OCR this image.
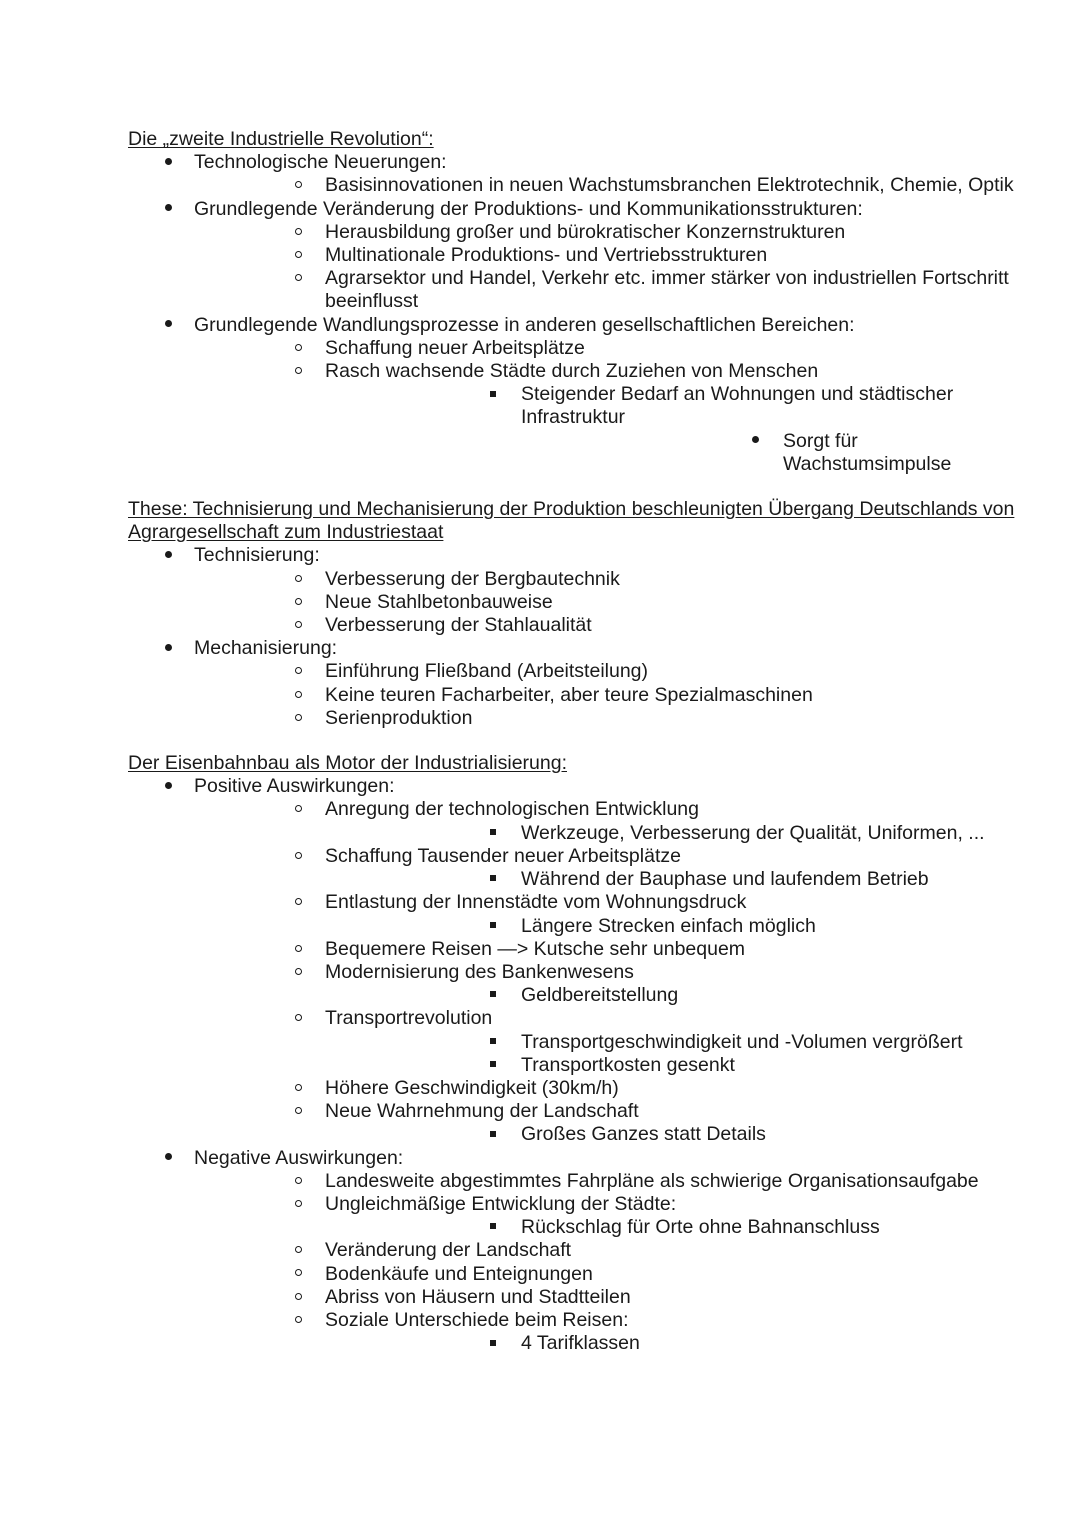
Die „zweite Industrielle Revolution“:

Technologische Neuerungen:
Basisinnovationen in neuen Wachstumsbranchen Elektrotechnik, Chemie, Optik
Grundlegende Veränderung der Produktions- und Kommunikationsstrukturen:
Herausbildung großer und bürokratischer Konzernstrukturen
Multinationale Produktions- und Vertriebsstrukturen
Agrarsektor und Handel, Verkehr etc. immer stärker von industriellen Fortschritt beeinflusst
Grundlegende Wandlungsprozesse in anderen gesellschaftlichen Bereichen:
Schaffung neuer Arbeitsplätze
Rasch wachsende Städte durch Zuziehen von Menschen
Steigender Bedarf an Wohnungen und städtischer Infrastruktur
Sorgt für Wachstumsimpulse

These: Technisierung und Mechanisierung der Produktion beschleunigten Übergang Deutschlands von Agrargesellschaft zum Industriestaat

Technisierung:
Verbesserung der Bergbautechnik
Neue Stahlbetonbauweise
Verbesserung der Stahlaualität
Mechanisierung:
Einführung Fließband (Arbeitsteilung)
Keine teuren Facharbeiter, aber teure Spezialmaschinen
Serienproduktion

Der Eisenbahnbau als Motor der Industrialisierung:

Positive Auswirkungen:
Anregung der technologischen Entwicklung
Werkzeuge, Verbesserung der Qualität, Uniformen, ...
Schaffung Tausender neuer Arbeitsplätze
Während der Bauphase und laufendem Betrieb
Entlastung der Innenstädte vom Wohnungsdruck
Längere Strecken einfach möglich
Bequemere Reisen —> Kutsche sehr unbequem
Modernisierung des Bankenwesens
Geldbereitstellung
Transportrevolution
Transportgeschwindigkeit und -Volumen vergrößert
Transportkosten gesenkt
Höhere Geschwindigkeit (30km/h)
Neue Wahrnehmung der Landschaft
Großes Ganzes statt Details
Negative Auswirkungen:
Landesweite abgestimmtes Fahrpläne als schwierige Organisationsaufgabe
Ungleichmäßige Entwicklung der Städte:
Rückschlag für Orte ohne Bahnanschluss
Veränderung der Landschaft
Bodenkäufe und Enteignungen
Abriss von Häusern und Stadtteilen
Soziale Unterschiede beim Reisen:
4 Tarifklassen
